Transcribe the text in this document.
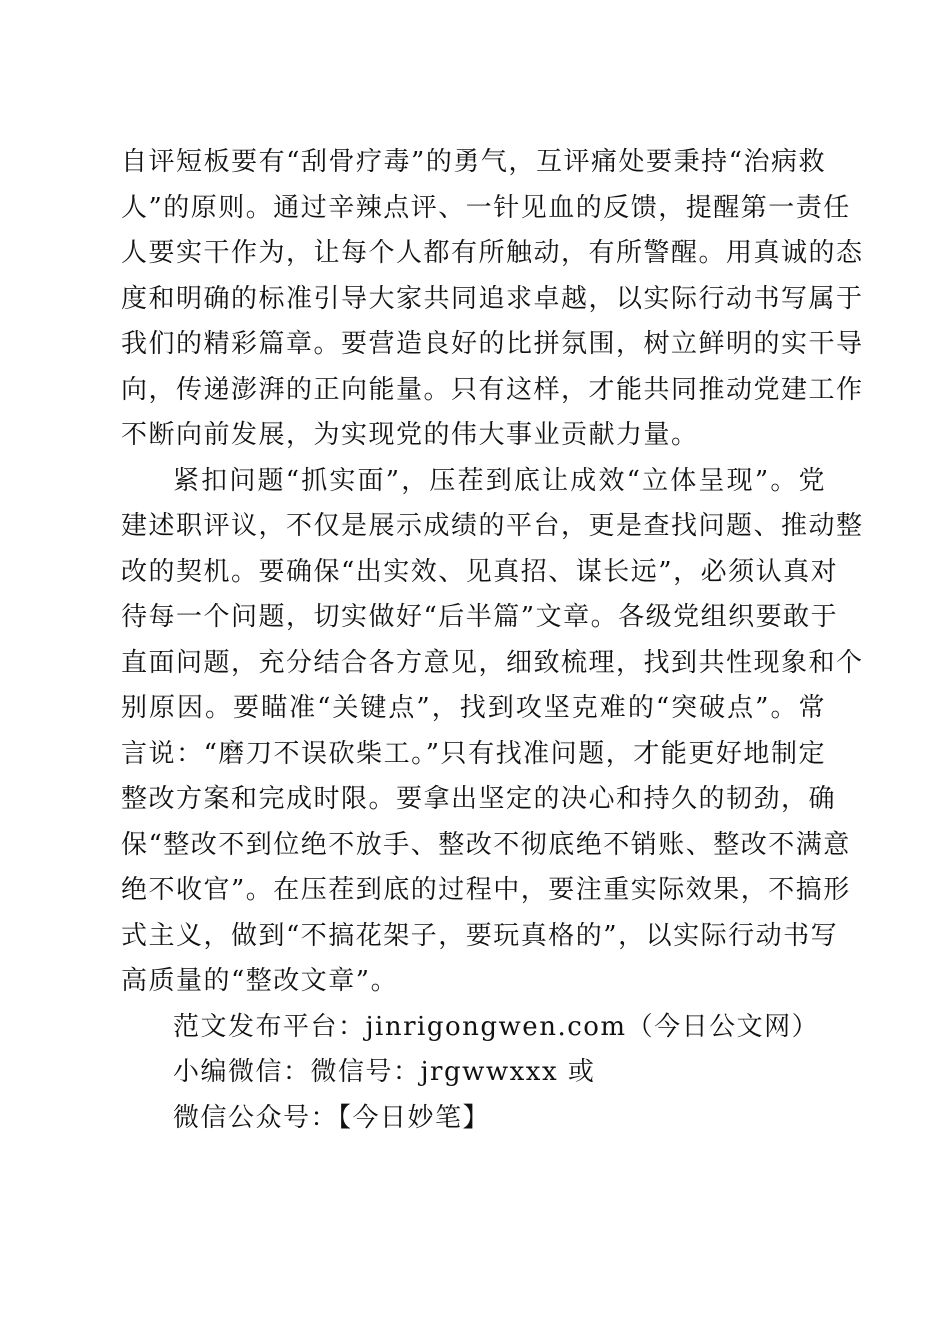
自评短板要有“刮骨疗毒”的勇气，互评痛处要秉持“治病救
人”的原则。通过辛辣点评、一针见血的反馈，提醒第一责任
人要实干作为，让每个人都有所触动，有所警醒。用真诚的态
度和明确的标准引导大家共同追求卓越，以实际行动书写属于
我们的精彩篇章。要营造良好的比拼氛围，树立鲜明的实干导
向，传递澎湃的正向能量。只有这样，才能共同推动党建工作
不断向前发展，为实现党的伟大事业贡献力量。
紧扣问题“抓实面”，压茬到底让成效“立体呈现”。党
建述职评议，不仅是展示成绩的平台，更是查找问题、推动整
改的契机。要确保“出实效、见真招、谋长远”，必须认真对
待每一个问题，切实做好“后半篇”文章。各级党组织要敢于
直面问题，充分结合各方意见，细致梳理，找到共性现象和个
别原因。要瞄准“关键点”，找到攻坚克难的“突破点”。常
言说：“磨刀不误砍柴工。”只有找准问题，才能更好地制定
整改方案和完成时限。要拿出坚定的决心和持久的韧劲，确
保“整改不到位绝不放手、整改不彻底绝不销账、整改不满意
绝不收官”。在压茬到底的过程中，要注重实际效果，不搞形
式主义，做到“不搞花架子，要玩真格的”，以实际行动书写
高质量的“整改文章”。
范文发布平台：jinrigongwen.com（今日公文网）
小编微信：微信号：jrgwwxxx 或
微信公众号：【今日妙笔】
